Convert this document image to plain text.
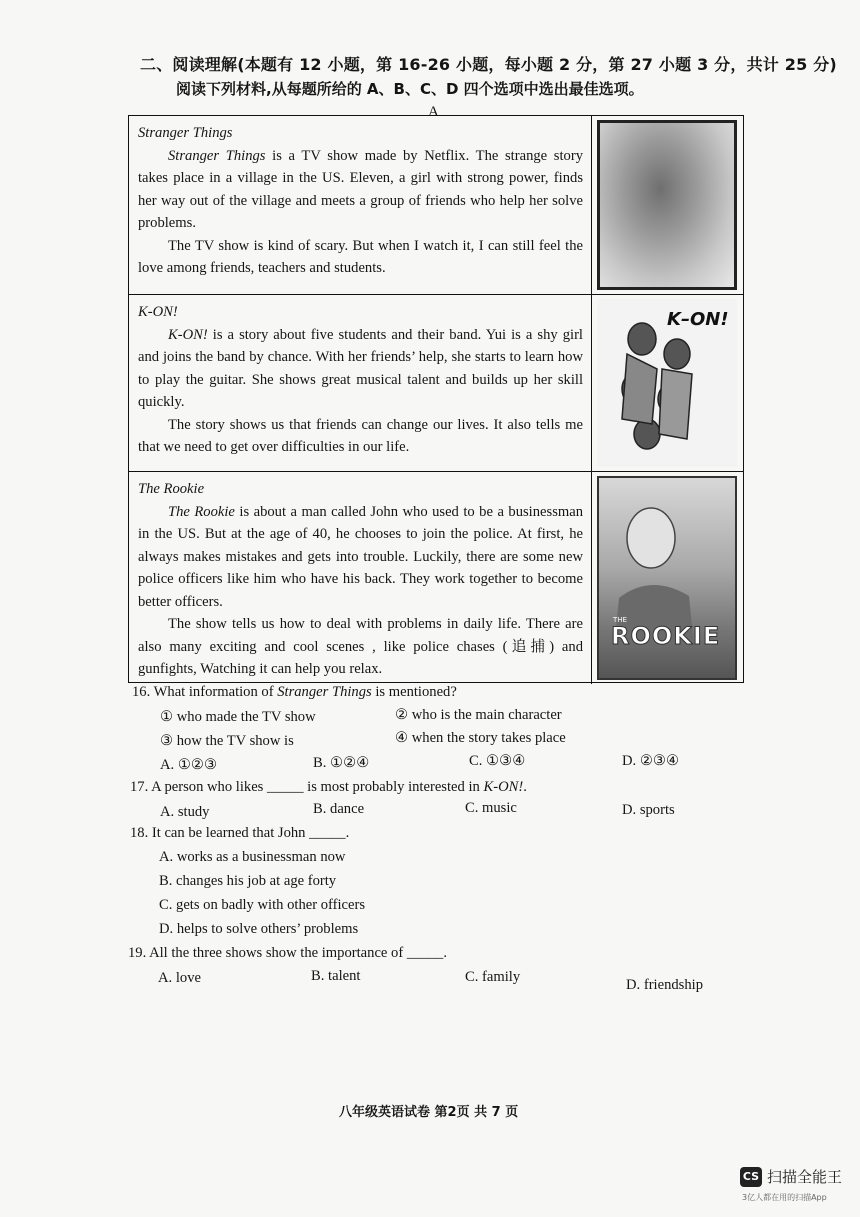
二、阅读理解(本题有 12 小题，第 16-26 小题，每小题 2 分，第 27 小题 3 分，共计 25 分)
阅读下列材料,从每题所给的 A、B、C、D 四个选项中选出最佳选项。
A
Stranger Things

Stranger Things is a TV show made by Netflix. The strange story takes place in a village in the US. Eleven, a girl with strong power, finds her way out of the village and meets a group of friends who help her solve problems.

The TV show is kind of scary. But when I watch it, I can still feel the love among friends, teachers and students.

K-ON!

K-ON! is a story about five students and their band. Yui is a shy girl and joins the band by chance. With her friends’ help, she starts to learn how to play the guitar. She shows great musical talent and builds up her skill quickly.

The story shows us that friends can change our lives. It also tells me that we need to get over difficulties in our life.

K–ON!
The Rookie

The Rookie is about a man called John who used to be a businessman in the US. But at the age of 40, he chooses to join the police. At first, he always makes mistakes and gets into trouble. Luckily, there are some new police officers like him who have his back. They work together to become better officers.

The show tells us how to deal with problems in daily life. There are also many exciting and cool scenes , like police chases (追捕) and gunfights, Watching it can help you relax.

THE
ROOKIE
16. What information of Stranger Things is mentioned?
① who made the TV show	② who is the main character
③ how the TV show is	④ when the story takes place
A. ①②③	B. ①②④	C. ①③④	D. ②③④
17. A person who likes _____ is most probably interested in K-ON!.
A. study	B. dance	C. music	D. sports
18. It can be learned that John _____.
A. works as a businessman now
B. changes his job at age forty
C. gets on badly with other officers
D. helps to solve others’ problems
19. All the three shows show the importance of _____.
A. love	B. talent	C. family	D. friendship
八年级英语试卷 第2页 共 7 页
CS 扫描全能王
3亿人都在用的扫描App
